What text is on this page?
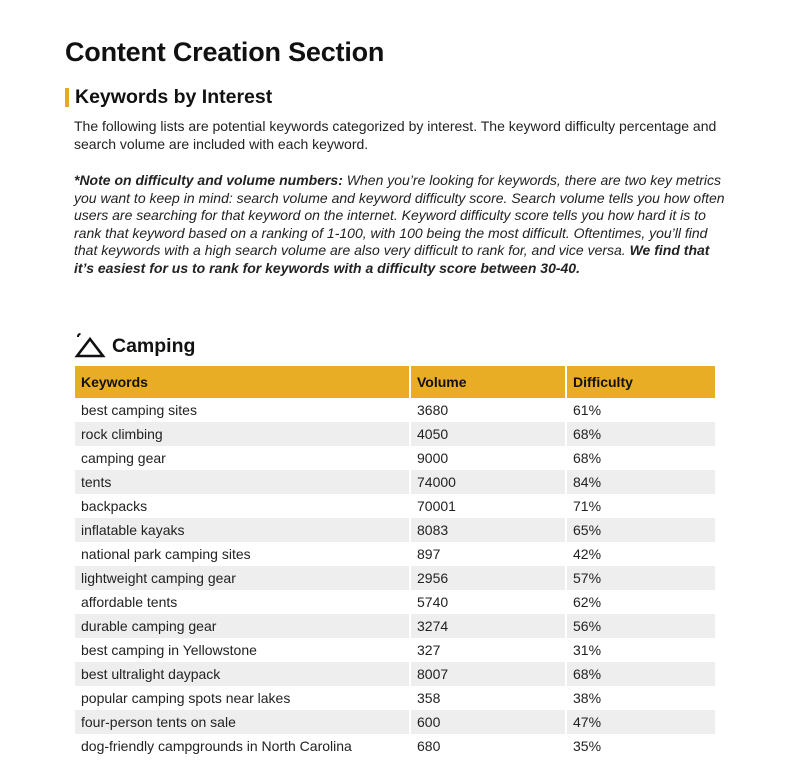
Content Creation Section
Keywords by Interest

The following lists are potential keywords categorized by interest. The keyword difficulty percentage and search volume are included with each keyword.

*Note on difficulty and volume numbers: When you’re looking for keywords, there are two key metrics you want to keep in mind: search volume and keyword difficulty score. Search volume tells you how often users are searching for that keyword on the internet. Keyword difficulty score tells you how hard it is to rank that keyword based on a ranking of 1-100, with 100 being the most difficult. Oftentimes, you’ll find that keywords with a high search volume are also very difficult to rank for, and vice versa. We find that it’s easiest for us to rank for keywords with a difficulty score between 30-40.

Camping
Keywords	Volume	Difficulty
best camping sites	3680	61%
rock climbing	4050	68%
camping gear	9000	68%
tents	74000	84%
backpacks	70001	71%
inflatable kayaks	8083	65%
national park camping sites	897	42%
lightweight camping gear	2956	57%
affordable tents	5740	62%
durable camping gear	3274	56%
best camping in Yellowstone	327	31%
best ultralight daypack	8007	68%
popular camping spots near lakes	358	38%
four-person tents on sale	600	47%
dog-friendly campgrounds in North Carolina	680	35%
